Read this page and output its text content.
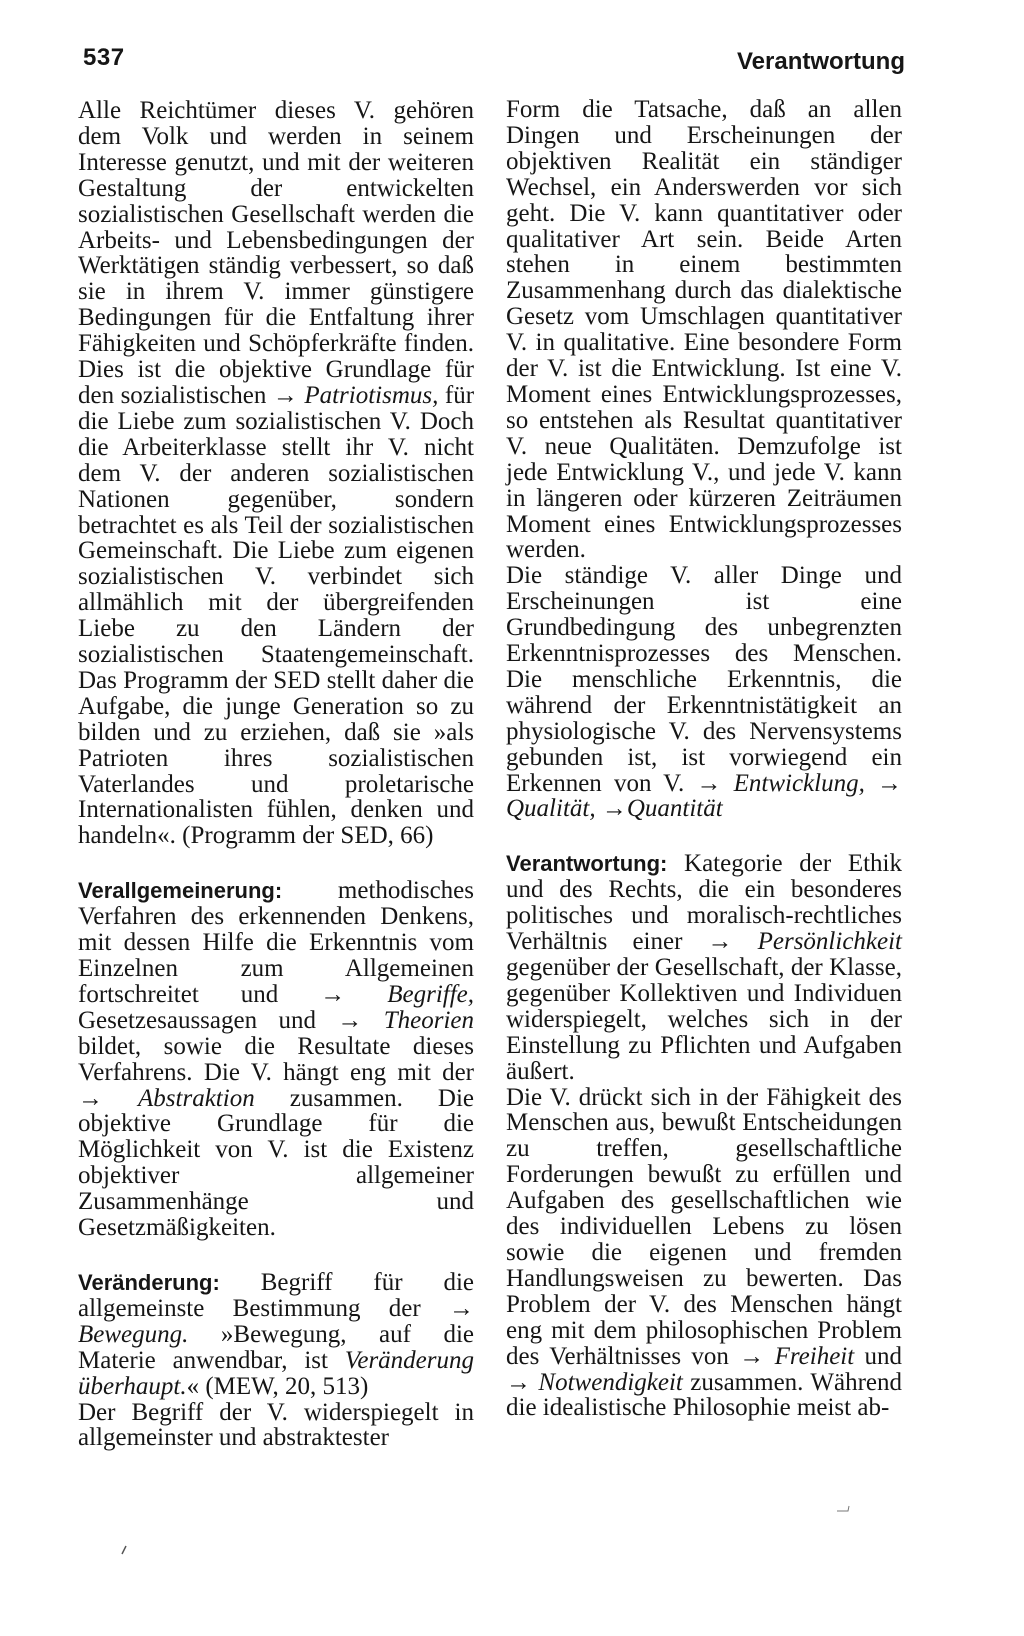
537	Verantwortung

Alle Reichtümer dieses V. gehören dem Volk und werden in seinem Interesse genutzt, und mit der weiteren Gestaltung der entwickelten sozialistischen Gesellschaft werden die Arbeits- und Lebensbedingungen der Werktätigen ständig verbessert, so daß sie in ihrem V. immer günstigere Bedingungen für die Entfaltung ihrer Fähigkeiten und Schöpferkräfte finden. Dies ist die objektive Grundlage für den sozialistischen → Patriotismus, für die Liebe zum sozialistischen V. Doch die Arbeiterklasse stellt ihr V. nicht dem V. der anderen sozialistischen Nationen gegenüber, sondern betrachtet es als Teil der sozialistischen Gemeinschaft. Die Liebe zum eigenen sozialistischen V. verbindet sich allmählich mit der übergreifenden Liebe zu den Ländern der sozialistischen Staatengemeinschaft. Das Programm der SED stellt daher die Aufgabe, die junge Generation so zu bilden und zu erziehen, daß sie »als Patrioten ihres sozialistischen Vaterlandes und proletarische Internationalisten fühlen, denken und handeln«. (Programm der SED, 66)

Verallgemeinerung: methodisches Verfahren des erkennenden Denkens, mit dessen Hilfe die Erkenntnis vom Einzelnen zum Allgemeinen fortschreitet und → Begriffe, Gesetzesaussagen und → Theorien bildet, sowie die Resultate dieses Verfahrens. Die V. hängt eng mit der → Abstraktion zusammen. Die objektive Grundlage für die Möglichkeit von V. ist die Existenz objektiver allgemeiner Zusammenhänge und Gesetzmäßigkeiten.

Veränderung: Begriff für die allgemeinste Bestimmung der → Bewegung. »Bewegung, auf die Materie anwendbar, ist Veränderung überhaupt.« (MEW, 20, 513)

Der Begriff der V. widerspiegelt in allgemeinster und abstraktester

Form die Tatsache, daß an allen Dingen und Erscheinungen der objektiven Realität ein ständiger Wechsel, ein Anderswerden vor sich geht. Die V. kann quantitativer oder qualitativer Art sein. Beide Arten stehen in einem bestimmten Zusammenhang durch das dialektische Gesetz vom Umschlagen quantitativer V. in qualitative. Eine besondere Form der V. ist die Entwicklung. Ist eine V. Moment eines Entwicklungsprozesses, so entstehen als Resultat quantitativer V. neue Qualitäten. Demzufolge ist jede Entwicklung V., und jede V. kann in längeren oder kürzeren Zeiträumen Moment eines Entwicklungsprozesses werden.

Die ständige V. aller Dinge und Erscheinungen ist eine Grundbedingung des unbegrenzten Erkenntnisprozesses des Menschen. Die menschliche Erkenntnis, die während der Erkenntnistätigkeit an physiologische V. des Nervensystems gebunden ist, ist vorwiegend ein Erkennen von V. → Entwicklung, → Qualität, →Quantität

Verantwortung: Kategorie der Ethik und des Rechts, die ein besonderes politisches und moralisch-rechtliches Verhältnis einer → Persönlichkeit gegenüber der Gesellschaft, der Klasse, gegenüber Kollektiven und Individuen widerspiegelt, welches sich in der Einstellung zu Pflichten und Aufgaben äußert.

Die V. drückt sich in der Fähigkeit des Menschen aus, bewußt Entscheidungen zu treffen, gesellschaftliche Forderungen bewußt zu erfüllen und Aufgaben des gesellschaftlichen wie des individuellen Lebens zu lösen sowie die eigenen und fremden Handlungsweisen zu bewerten. Das Problem der V. des Menschen hängt eng mit dem philosophischen Problem des Verhältnisses von → Freiheit und → Notwendigkeit zusammen. Während die idealistische Philosophie meist ab-
